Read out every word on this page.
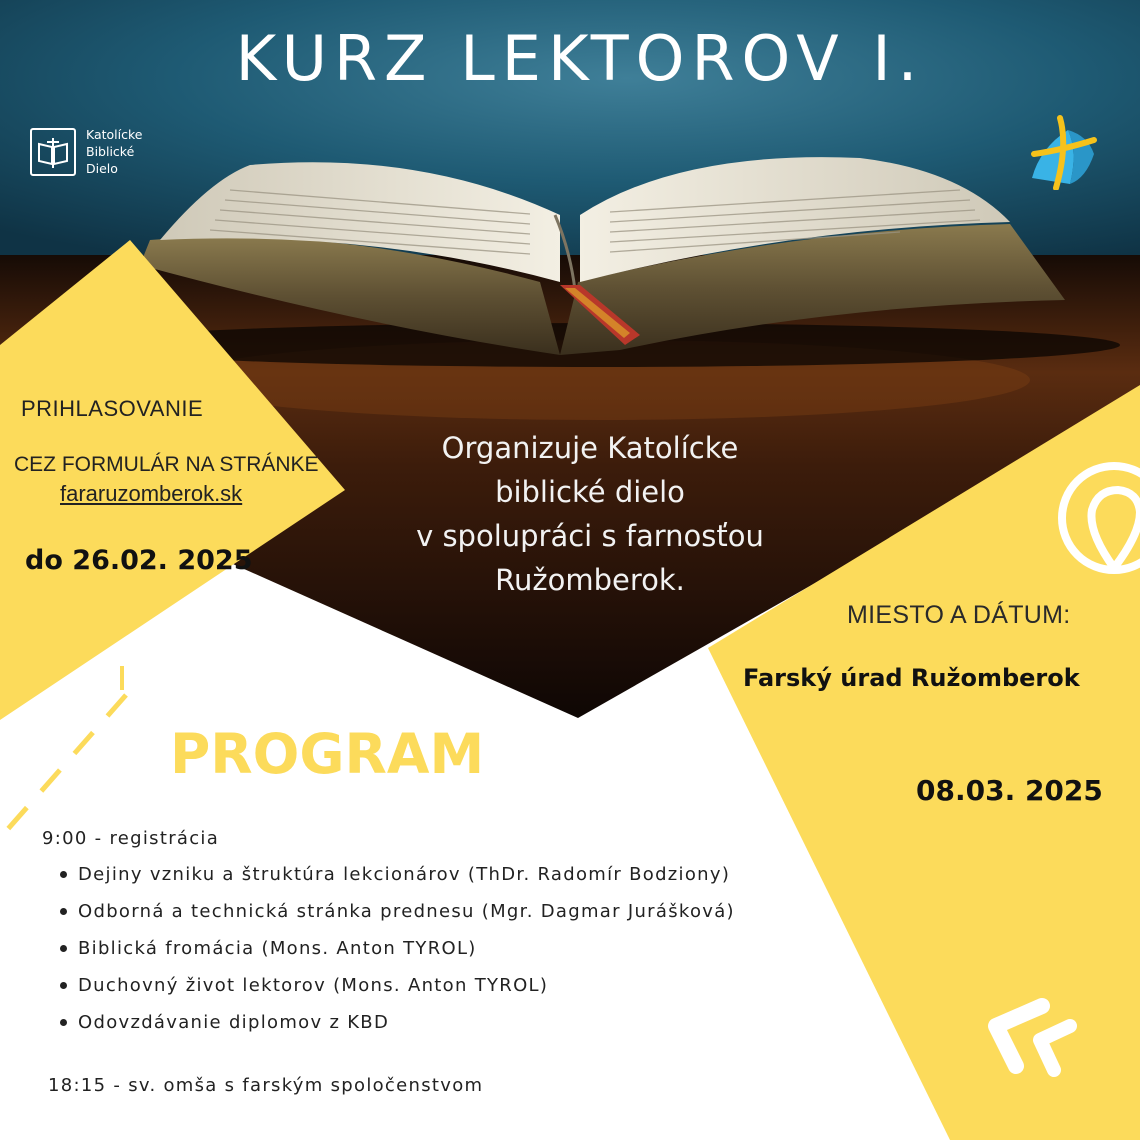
KURZ LEKTOROV I.
Katolícke
Biblické
Dielo
PRIHLASOVANIE
CEZ FORMULÁR NA STRÁNKE
fararuzomberok.sk
do 26.02. 2025
Organizuje Katolícke
biblické dielo
v spolupráci s farnosťou
Ružomberok.
MIESTO A DÁTUM:
Farský úrad Ružomberok
08.03. 2025
PROGRAM
9:00 - registrácia
Dejiny vzniku a štruktúra lekcionárov (ThDr. Radomír Bodziony)
Odborná a technická stránka prednesu (Mgr. Dagmar Jurášková)
Biblická fromácia (Mons. Anton TYROL)
Duchovný život lektorov (Mons. Anton TYROL)
Odovzdávanie diplomov z KBD
18:15 - sv. omša s farským spoločenstvom
